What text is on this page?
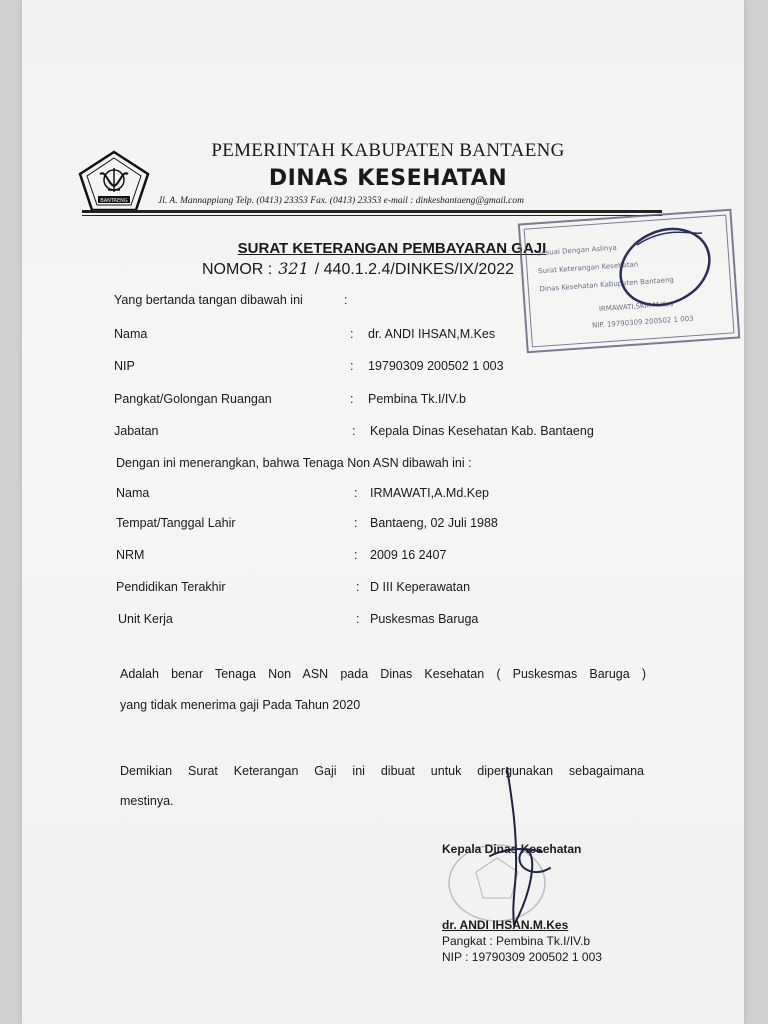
BANTAENG
PEMERINTAH KABUPATEN BANTAENG
DINAS KESEHATAN
Jl. A. Mannappiang Telp. (0413) 23353 Fax. (0413) 23353 e-mail : dinkesbantaeng@gmail.com
SURAT KETERANGAN PEMBAYARAN GAJI
NOMOR : 321 / 440.1.2.4/DINKES/IX/2022
Sesuai Dengan Aslinya
Surat Keterangan Kesehatan
Dinas Kesehatan Kabupaten Bantaeng
IRMAWATI,SKM.M.Kes
NIP. 19790309 200502 1 003
Yang bertanda tangan dibawah ini	:
Nama	: dr. ANDI IHSAN,M.Kes
NIP	: 19790309 200502 1 003
Pangkat/Golongan Ruangan	: Pembina Tk.I/IV.b
Jabatan	: Kepala Dinas Kesehatan Kab. Bantaeng
Dengan ini menerangkan, bahwa Tenaga Non ASN dibawah ini :
Nama	: IRMAWATI,A.Md.Kep
Tempat/Tanggal Lahir	: Bantaeng, 02 Juli 1988
NRM	: 2009 16 2407
Pendidikan Terakhir	: D III Keperawatan
Unit Kerja	: Puskesmas Baruga
Adalah benar Tenaga Non ASN pada Dinas Kesehatan ( Puskesmas Baruga )
yang tidak menerima gaji Pada Tahun 2020
Demikian Surat Keterangan Gaji ini dibuat untuk dipergunakan sebagaimana
mestinya.
Kepala Dinas Kesehatan
dr. ANDI IHSAN.M.Kes
Pangkat : Pembina Tk.I/IV.b
NIP : 19790309 200502 1 003
